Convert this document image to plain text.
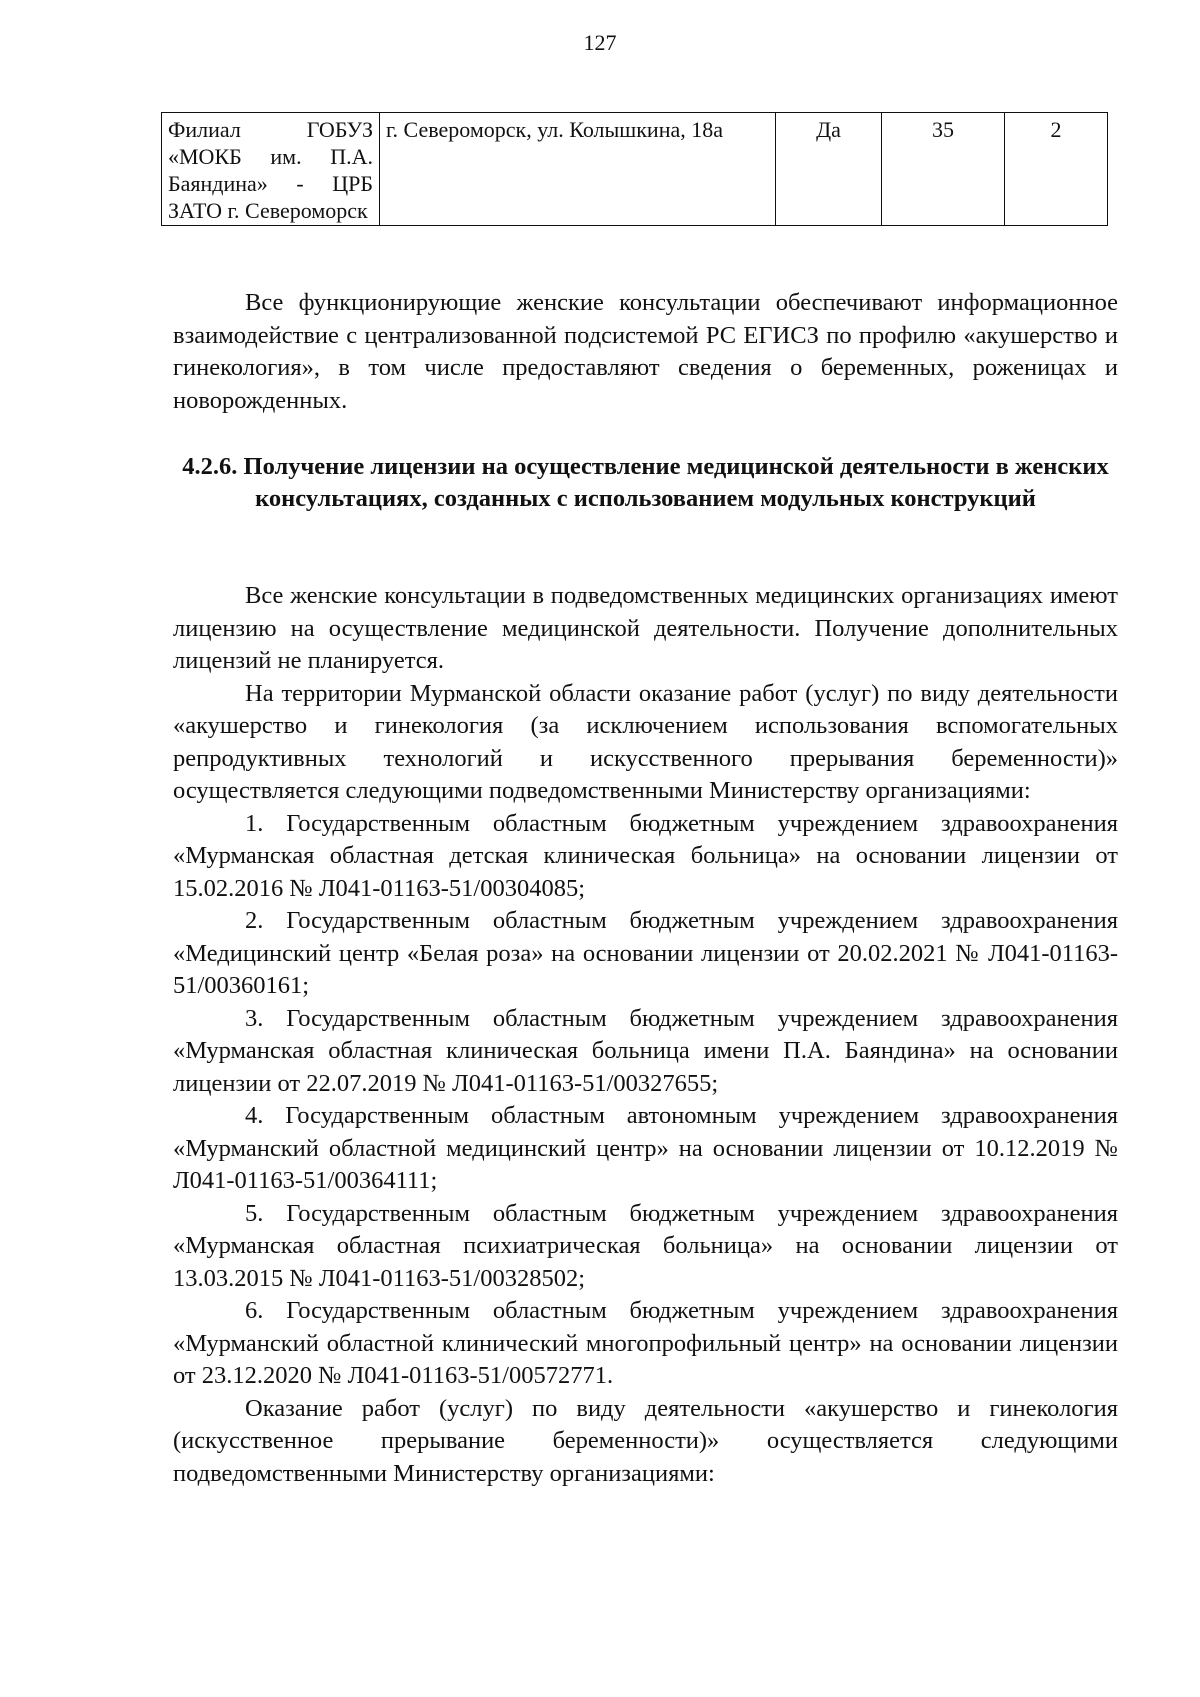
127
Филиал ГОБУЗ «МОКБ им. П.А. Баяндина» - ЦРБ ЗАТО г. Североморск	г. Североморск, ул. Колышкина, 18а	Да	35	2

Все функционирующие женские консультации обеспечивают информационное взаимодействие с централизованной подсистемой РС ЕГИСЗ по профилю «акушерство и гинекология», в том числе предоставляют сведения о беременных, роженицах и новорожденных.

4.2.6. Получение лицензии на осуществление медицинской деятельности в женских консультациях, созданных с использованием модульных конструкций

Все женские консультации в подведомственных медицинских организациях имеют лицензию на осуществление медицинской деятельности. Получение дополнительных лицензий не планируется.

На территории Мурманской области оказание работ (услуг) по виду деятельности «акушерство и гинекология (за исключением использования вспомогательных репродуктивных технологий и искусственного прерывания беременности)» осуществляется следующими подведомственными Министерству организациями:

1. Государственным областным бюджетным учреждением здравоохранения «Мурманская областная детская клиническая больница» на основании лицензии от 15.02.2016 № Л041-01163-51/00304085;

2. Государственным областным бюджетным учреждением здравоохранения «Медицинский центр «Белая роза» на основании лицензии от 20.02.2021 № Л041-01163-51/00360161;

3. Государственным областным бюджетным учреждением здравоохранения «Мурманская областная клиническая больница имени П.А. Баяндина» на основании лицензии от 22.07.2019 № Л041-01163-51/00327655;

4. Государственным областным автономным учреждением здравоохранения «Мурманский областной медицинский центр» на основании лицензии от 10.12.2019 № Л041-01163-51/00364111;

5. Государственным областным бюджетным учреждением здравоохранения «Мурманская областная психиатрическая больница» на основании лицензии от 13.03.2015 № Л041-01163-51/00328502;

6. Государственным областным бюджетным учреждением здравоохранения «Мурманский областной клинический многопрофильный центр» на основании лицензии от 23.12.2020 № Л041-01163-51/00572771.

Оказание работ (услуг) по виду деятельности «акушерство и гинекология (искусственное прерывание беременности)» осуществляется следующими подведомственными Министерству организациями:
